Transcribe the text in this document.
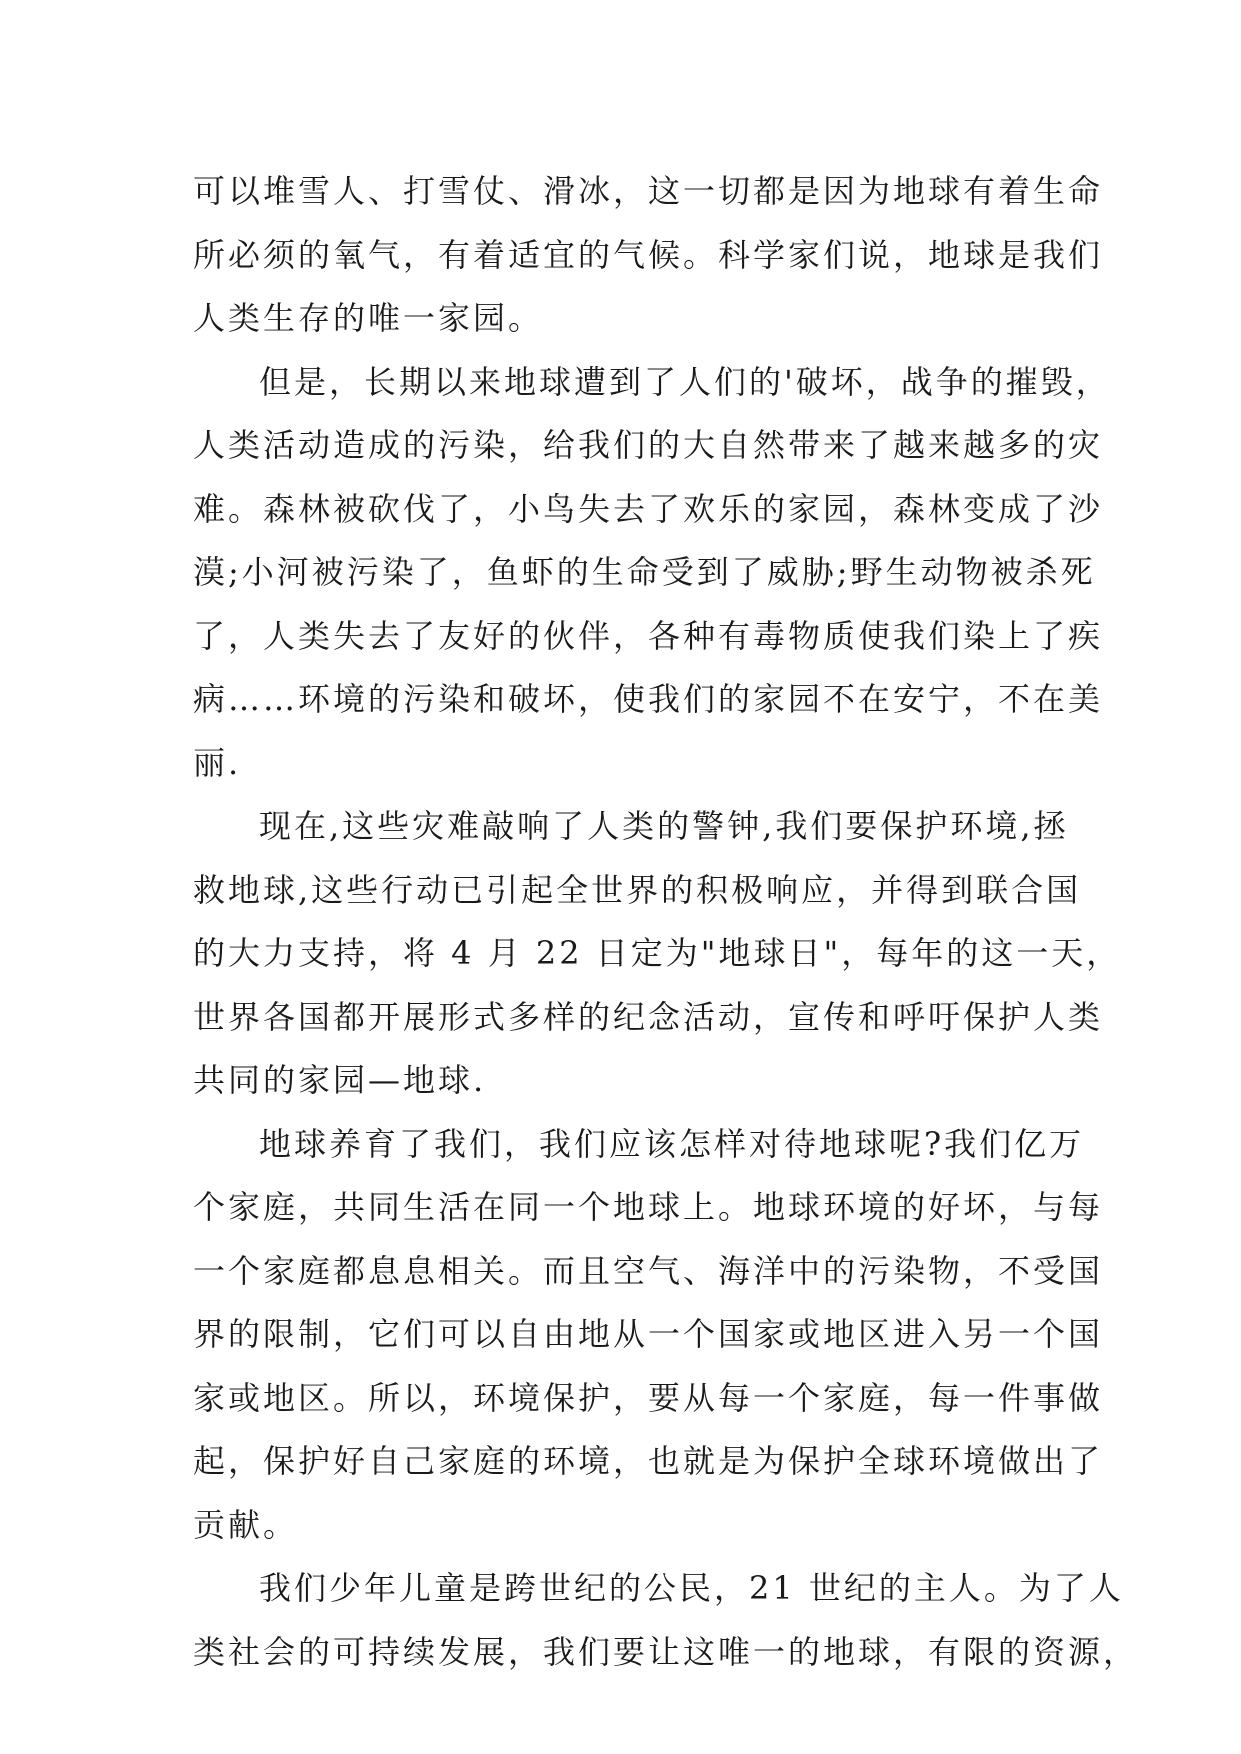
可以堆雪人、打雪仗、滑冰，这一切都是因为地球有着生命
所必须的氧气，有着适宜的气候。科学家们说，地球是我们
人类生存的唯一家园。
但是，长期以来地球遭到了人们的'破坏，战争的摧毁，
人类活动造成的污染，给我们的大自然带来了越来越多的灾
难。森林被砍伐了，小鸟失去了欢乐的家园，森林变成了沙
漠;小河被污染了，鱼虾的生命受到了威胁;野生动物被杀死
了，人类失去了友好的伙伴，各种有毒物质使我们染上了疾
病……环境的污染和破坏，使我们的家园不在安宁，不在美
丽.
现在,这些灾难敲响了人类的警钟,我们要保护环境,拯
救地球,这些行动已引起全世界的积极响应，并得到联合国
的大力支持，将 4 月 22 日定为"地球日"，每年的这一天，
世界各国都开展形式多样的纪念活动，宣传和呼吁保护人类
共同的家园—地球.
地球养育了我们，我们应该怎样对待地球呢?我们亿万
个家庭，共同生活在同一个地球上。地球环境的好坏，与每
一个家庭都息息相关。而且空气、海洋中的污染物，不受国
界的限制，它们可以自由地从一个国家或地区进入另一个国
家或地区。所以，环境保护，要从每一个家庭，每一件事做
起，保护好自己家庭的环境，也就是为保护全球环境做出了
贡献。
我们少年儿童是跨世纪的公民，21 世纪的主人。为了人
类社会的可持续发展，我们要让这唯一的地球，有限的资源，
